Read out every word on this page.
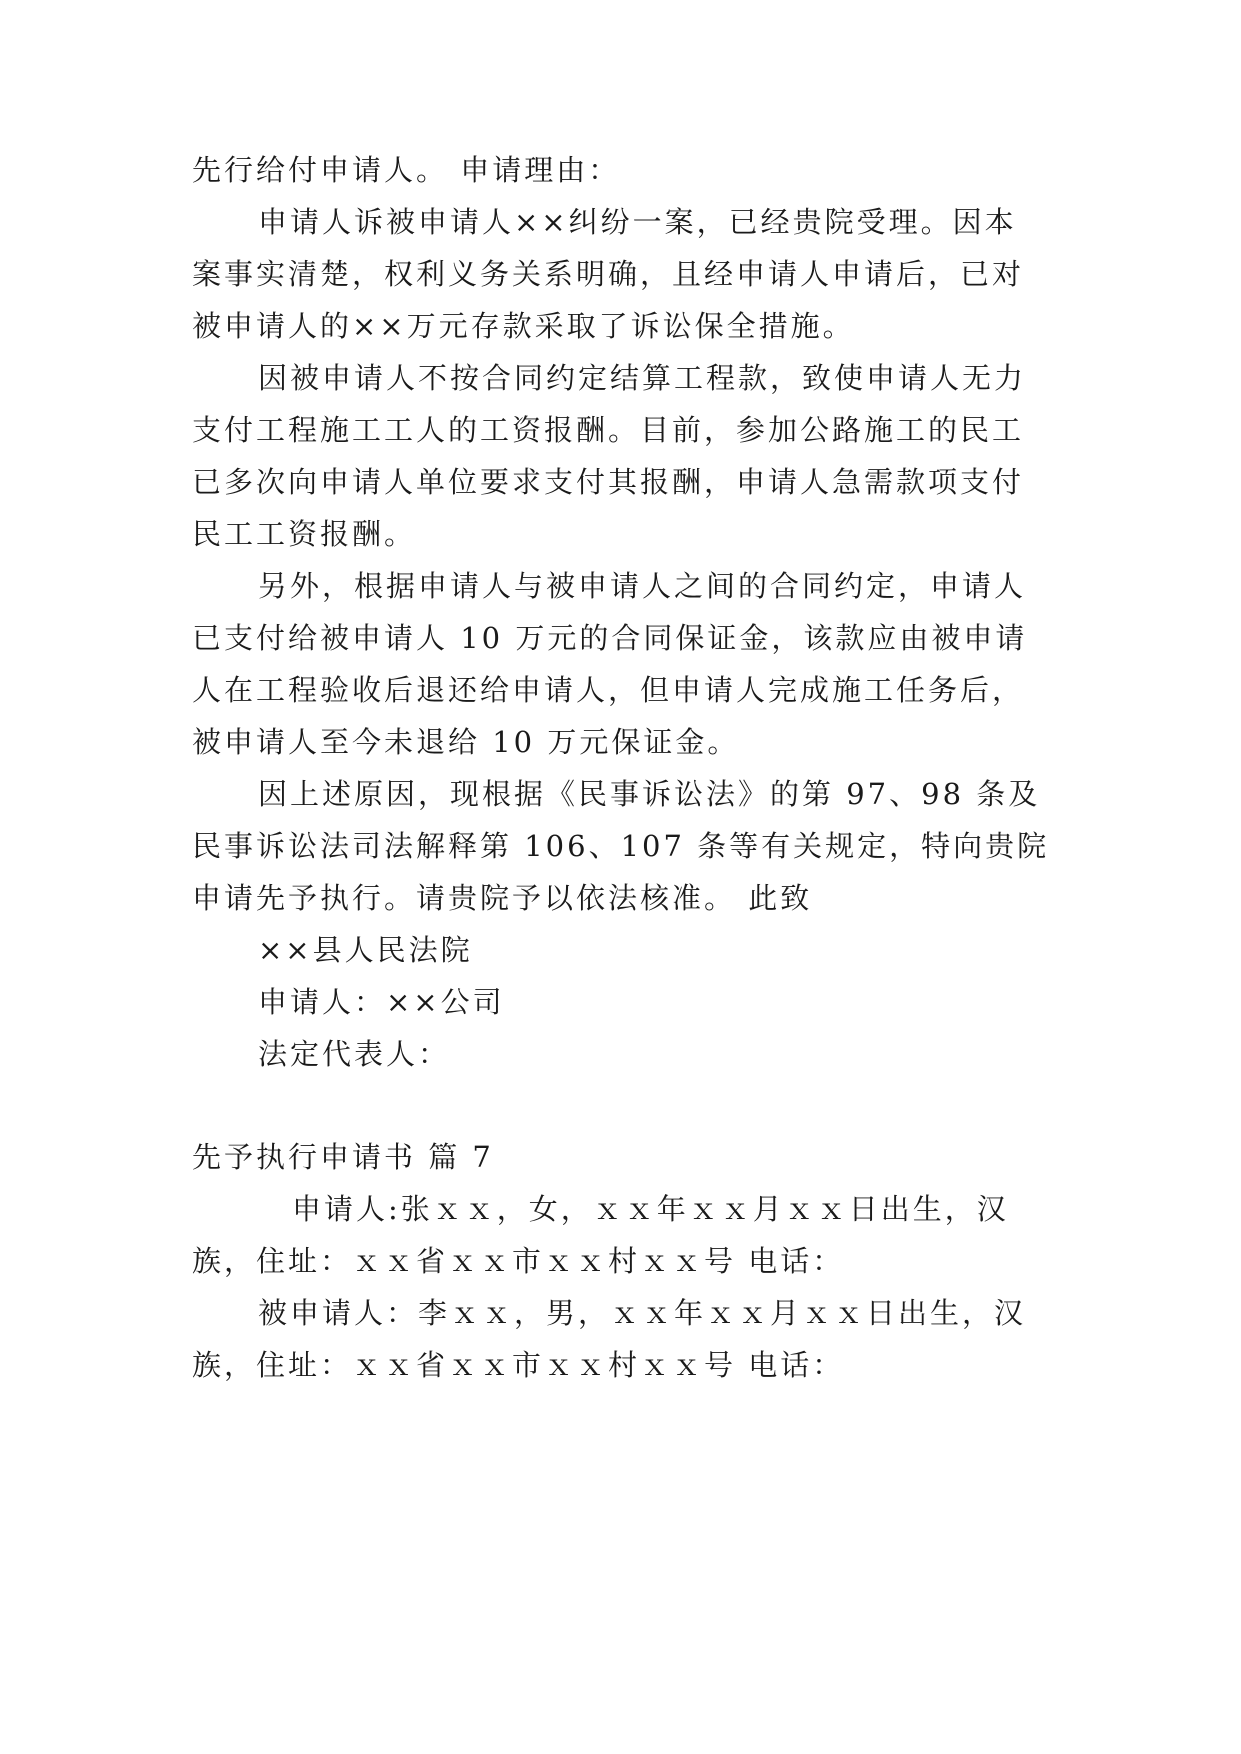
先行给付申请人。 申请理由：
申请人诉被申请人××纠纷一案，已经贵院受理。因本
案事实清楚，权利义务关系明确，且经申请人申请后，已对
被申请人的××万元存款采取了诉讼保全措施。
因被申请人不按合同约定结算工程款，致使申请人无力
支付工程施工工人的工资报酬。目前，参加公路施工的民工
已多次向申请人单位要求支付其报酬，申请人急需款项支付
民工工资报酬。
另外，根据申请人与被申请人之间的合同约定，申请人
已支付给被申请人 10 万元的合同保证金，该款应由被申请
人在工程验收后退还给申请人，但申请人完成施工任务后，
被申请人至今未退给 10 万元保证金。
因上述原因，现根据《民事诉讼法》的第 97、98 条及
民事诉讼法司法解释第 106、107 条等有关规定，特向贵院
申请先予执行。请贵院予以依法核准。 此致
××县人民法院
申请人：××公司
法定代表人：
先予执行申请书 篇 7
申请人:张ｘｘ，女，ｘｘ年ｘｘ月ｘｘ日出生，汉
族，住址：ｘｘ省ｘｘ市ｘｘ村ｘｘ号 电话：
被申请人：李ｘｘ，男，ｘｘ年ｘｘ月ｘｘ日出生，汉
族，住址：ｘｘ省ｘｘ市ｘｘ村ｘｘ号 电话：
